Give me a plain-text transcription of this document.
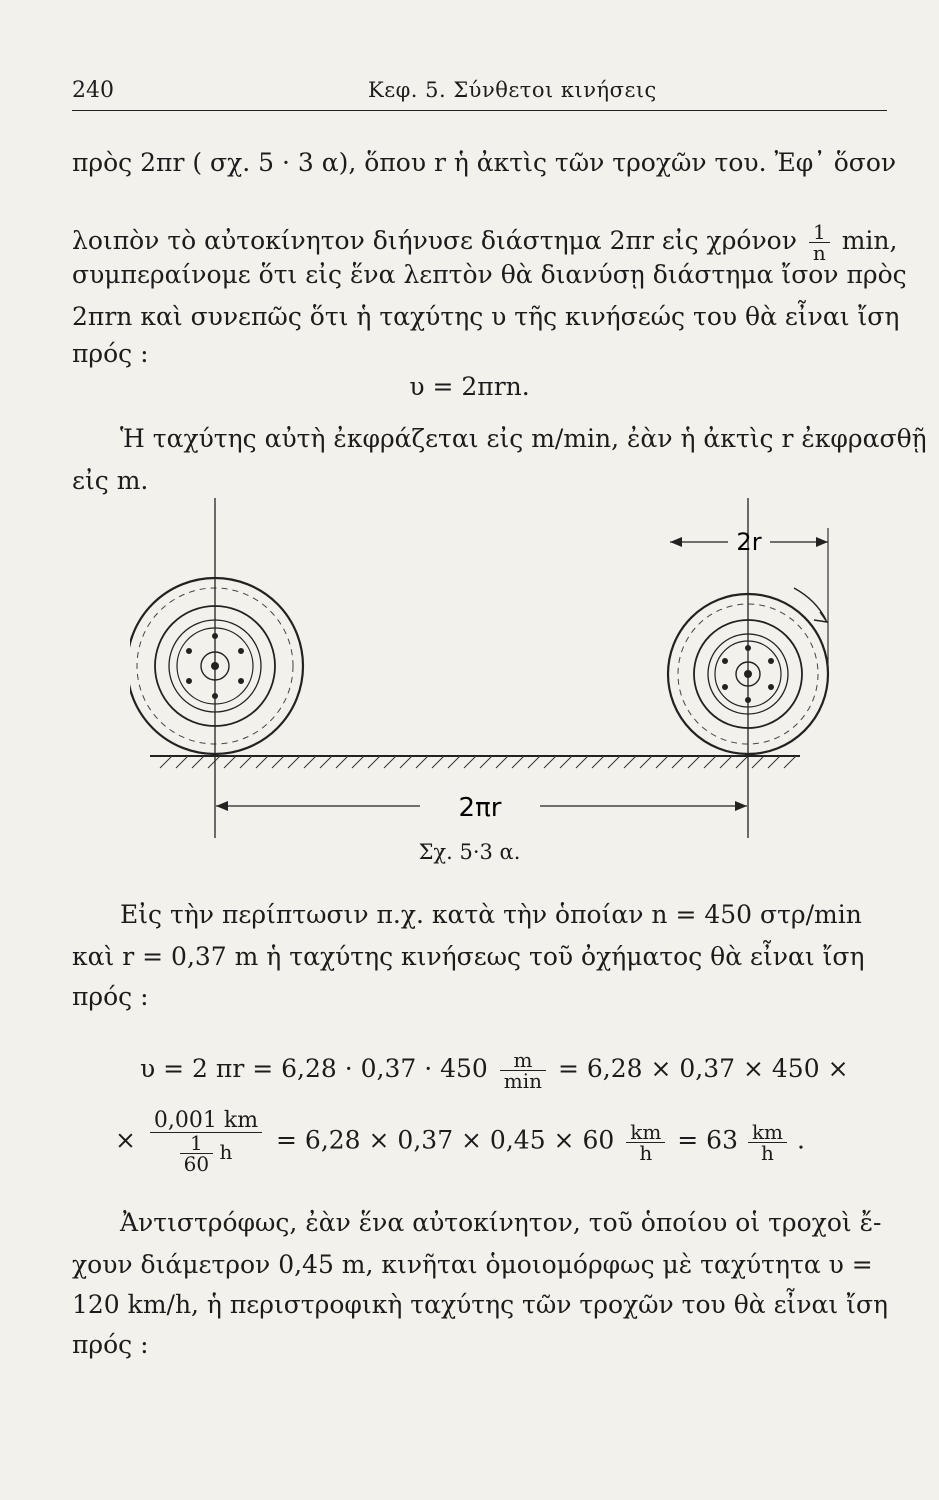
240	Κεφ. 5. Σύνθετοι κινήσεις
πρὸς 2πr ( σχ. 5 · 3 α), ὅπου r ἡ ἀκτὶς τῶν τροχῶν του. Ἐφ᾽ ὅσον
λοιπὸν τὸ αὐτοκίνητον διήνυσε διάστημα 2πr εἰς χρόνον $\frac{1}{n} \min$,
συμπεραίνομε ὅτι εἰς ἕνα λεπτὸν θὰ διανύσῃ διάστημα ἴσον πρὸς
2πrn καὶ συνεπῶς ὅτι ἡ ταχύτης υ τῆς κινήσεώς του θὰ εἶναι ἴση
πρός :
υ = 2πrn.
Ἡ ταχύτης αὐτὴ ἐκφράζεται εἰς m/min, ἐὰν ἡ ἀκτὶς r ἐκφρασθῇ
εἰς m.
2r
2πr
Σχ. 5·3 α.
Εἰς τὴν περίπτωσιν π.χ. κατὰ τὴν ὁποίαν n = 450 στρ/min
καὶ r = 0,37 m ἡ ταχύτης κινήσεως τοῦ ὀχήματος θὰ εἶναι ἴση
πρός :
υ = 2 $\pi r = 6,28 \cdot 0,37 \cdot 450 \frac{m}{\min} = 6,28 \times 0,37 \times 450$ ×
× $\frac{0,001 km}{\frac{1}{60} h} = 6,28 \times 0,37 \times 0,45 \times 60 \frac{km}{h} = 63 \frac{km}{h}$ .
Ἀντιστρόφως, ἐὰν ἕνα αὐτοκίνητον, τοῦ ὁποίου οἱ τροχοὶ ἔ-
χουν διάμετρον 0,45 m, κινῆται ὁμοιομόρφως μὲ ταχύτητα υ =
120 km/h, ἡ περιστροφικὴ ταχύτης τῶν τροχῶν του θὰ εἶναι ἴση
πρός :
